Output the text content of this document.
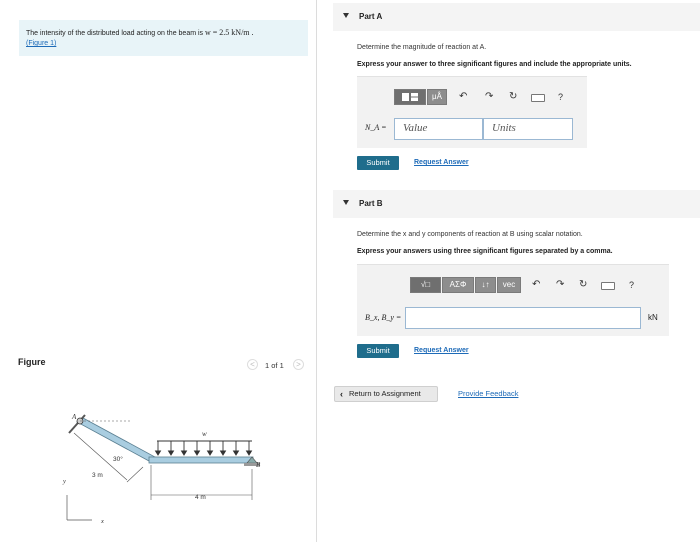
The intensity of the distributed load acting on the beam is w = 2.5 kN/m .
(Figure 1)
Figure	<	1 of 1	>
A
B
w
30°
3 m
4 m
y
x
Part A
Determine the magnitude of reaction at A.
Express your answer to three significant figures and include the appropriate units.
μÅ	↶ ↷ ↻	?
N_A = Value	Units
Submit	Request Answer
Part B
Determine the x and y components of reaction at B using scalar notation.
Express your answers using three significant figures separated by a comma.
√□	ΑΣΦ	↓↑	vec	↶ ↷ ↻	?
B_x, B_y =	kN
Submit	Request Answer
‹ Return to Assignment	Provide Feedback
